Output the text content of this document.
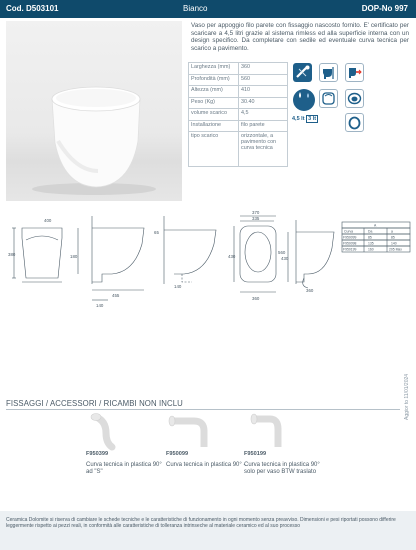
Cod. D503101	Bianco	DOP-No 997
Vaso per appoggio filo parete con fissaggio nascosto fornito. E' certificato per scaricare a 4,5 litri grazie al sistema rimless ed alla superficie interna con un design specifico. Da completare con sedile ed eventuale curva tecnica per scarico a pavimento.
Larghezza (mm)	360
Profondità (mm)	560
Altezza (mm)	410
Peso (Kg)	30.40
volume scarico	4,5
Installazione	filo parete
tipo scarico	orizzontale, a pavimento con curva tecnica
4,5 lt 3 lt
400
380	180
140
455
65
140
430
370
335
360
560
360
430
A
Curva	Da	a
F950099	85	85
F950098	135	140
F950199	160	205 Max
FISSAGGI / ACCESSORI / RICAMBI NON INCLU
F950399
Curva tecnica in plastica 90° ad "S"
F950099
Curva tecnica in plastica 90° -
F950199
Curva tecnica in plastica 90° solo per vaso BTW traslato
Aggior to 11/01/2024
Ceramica Dolomite si riserva di cambiare le schede tecniche e le caratteristiche di funzionamento in ogni momento senza preavviso. Dimensioni e pesi riportati possono differire leggermente rispetto ai pezzi reali, in conformità alle caratteristiche di tolleranza intrinseche al materiale ceramico ed al suo processo
